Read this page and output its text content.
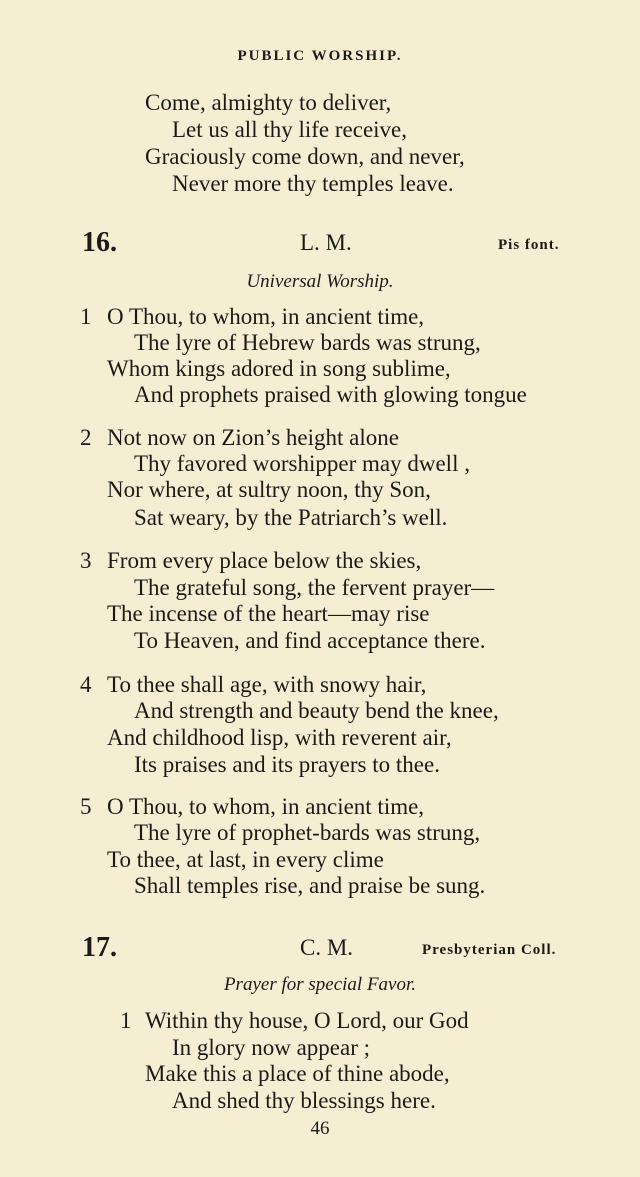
PUBLIC WORSHIP.
Come, almighty to deliver,
Let us all thy life receive,
Graciously come down, and never,
Never more thy temples leave.
16.	L. M.	Pis font.
Universal Worship.
1 O Thou, to whom, in ancient time,
The lyre of Hebrew bards was strung,
Whom kings adored in song sublime,
And prophets praised with glowing tongue
2 Not now on Zion’s height alone
Thy favored worshipper may dwell ,
Nor where, at sultry noon, thy Son,
Sat weary, by the Patriarch’s well.
3 From every place below the skies,
The grateful song, the fervent prayer—
The incense of the heart—may rise
To Heaven, and find acceptance there.
4 To thee shall age, with snowy hair,
And strength and beauty bend the knee,
And childhood lisp, with reverent air,
Its praises and its prayers to thee.
5 O Thou, to whom, in ancient time,
The lyre of prophet-bards was strung,
To thee, at last, in every clime
Shall temples rise, and praise be sung.
17.	C. M.	Presbyterian Coll.
Prayer for special Favor.
1 Within thy house, O Lord, our God
In glory now appear ;
Make this a place of thine abode,
And shed thy blessings here.
46
